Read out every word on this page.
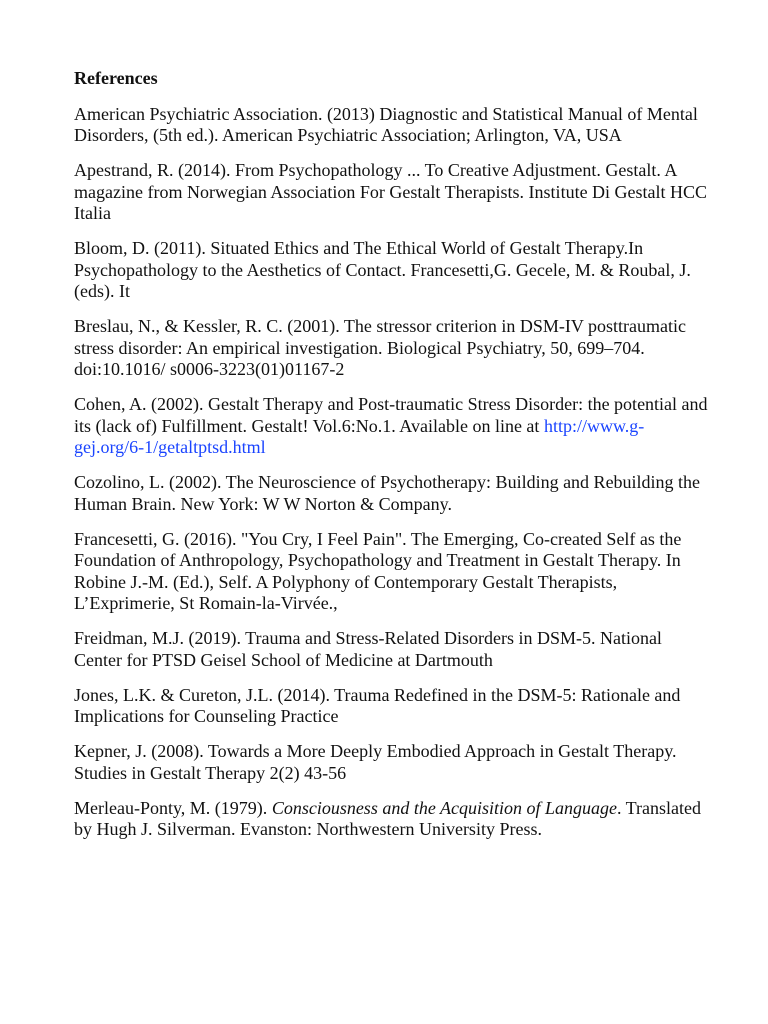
References

American Psychiatric Association. (2013) Diagnostic and Statistical Manual of Mental Disorders, (5th ed.). American Psychiatric Association; Arlington, VA, USA

Apestrand, R. (2014). From Psychopathology ... To Creative Adjustment. Gestalt. A magazine from Norwegian Association For Gestalt Therapists. Institute Di Gestalt HCC Italia

Bloom, D. (2011). Situated Ethics and The Ethical World of Gestalt Therapy.In Psychopathology to the Aesthetics of Contact. Francesetti,G. Gecele, M. & Roubal, J.(eds). It

Breslau, N., & Kessler, R. C. (2001). The stressor criterion in DSM-IV posttraumatic stress disorder: An empirical investigation. Biological Psychiatry, 50, 699–704. doi:10.1016/ s0006-3223(01)01167-2

Cohen, A. (2002). Gestalt Therapy and Post-traumatic Stress Disorder: the potential and its (lack of) Fulfillment. Gestalt! Vol.6:No.1. Available on line at http://www.g-gej.org/6-1/getaltptsd.html

Cozolino, L. (2002). The Neuroscience of Psychotherapy: Building and Rebuilding the Human Brain. New York: W W Norton & Company.

Francesetti, G. (2016). "You Cry, I Feel Pain". The Emerging, Co-created Self as the Foundation of Anthropology, Psychopathology and Treatment in Gestalt Therapy. In Robine J.-M. (Ed.), Self. A Polyphony of Contemporary Gestalt Therapists, L’Exprimerie, St Romain-la-Virvée.,

Freidman, M.J. (2019). Trauma and Stress-Related Disorders in DSM-5. National Center for PTSD Geisel School of Medicine at Dartmouth

Jones, L.K. & Cureton, J.L. (2014). Trauma Redefined in the DSM-5: Rationale and Implications for Counseling Practice

Kepner, J. (2008). Towards a More Deeply Embodied Approach in Gestalt Therapy. Studies in Gestalt Therapy 2(2) 43-56

Merleau-Ponty, M. (1979). Consciousness and the Acquisition of Language. Translated by Hugh J. Silverman. Evanston: Northwestern University Press.
